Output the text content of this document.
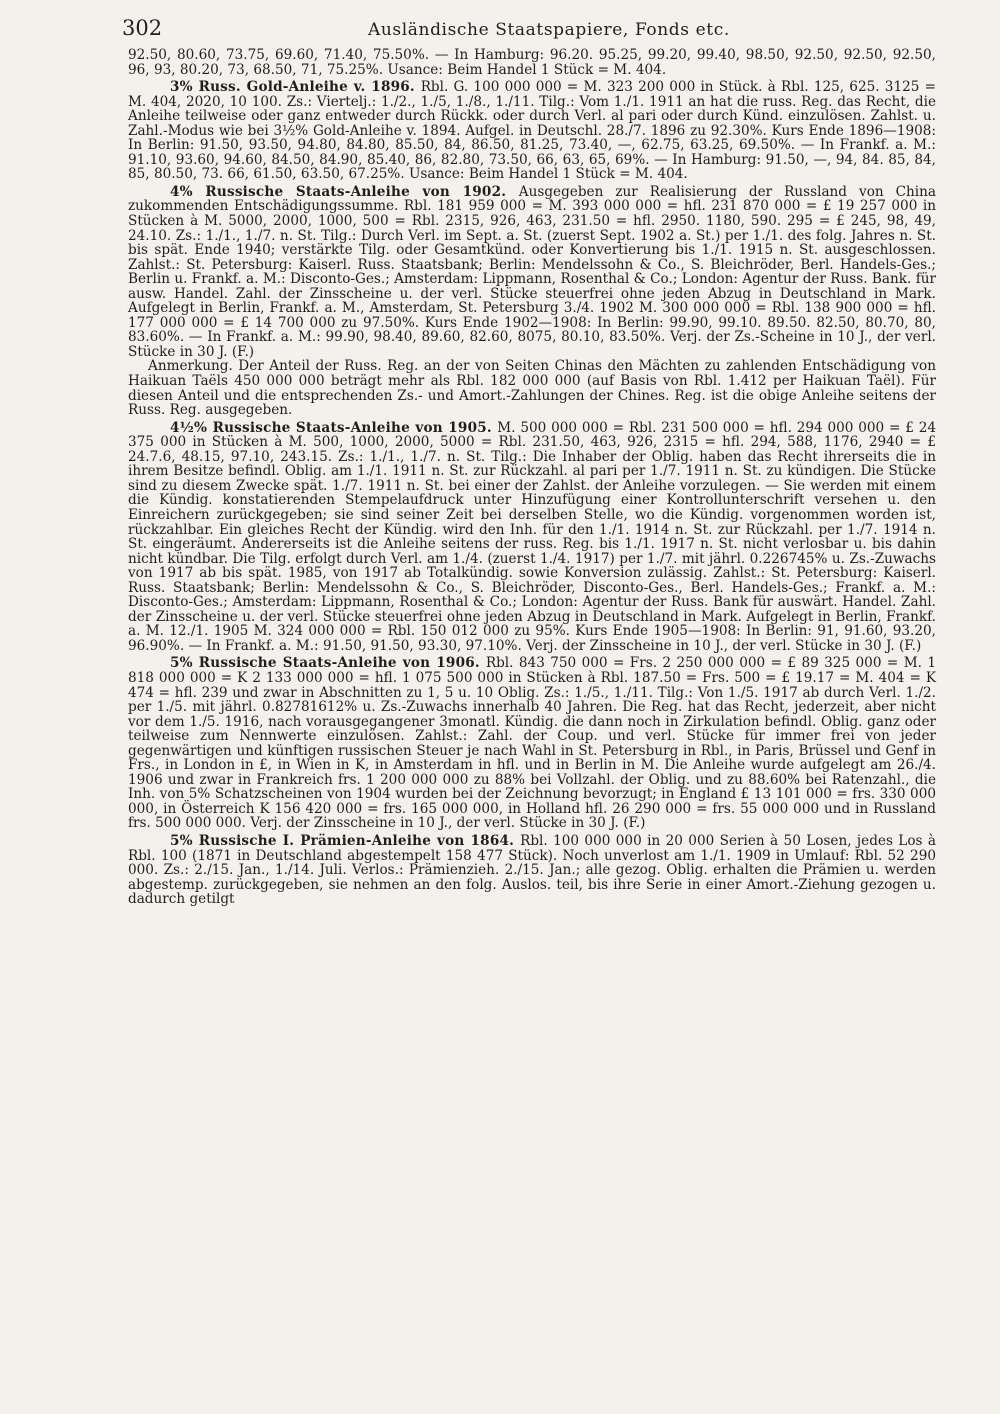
302	Ausländische Staatspapiere, Fonds etc.

92.50, 80.60, 73.75, 69.60, 71.40, 75.50%. — In Hamburg: 96.20. 95.25, 99.20, 99.40, 98.50, 92.50, 92.50, 92.50, 96, 93, 80.20, 73, 68.50, 71, 75.25%. Usance: Beim Handel 1 Stück = M. 404.

3% Russ. Gold-Anleihe v. 1896. Rbl. G. 100 000 000 = M. 323 200 000 in Stück. à Rbl. 125, 625. 3125 = M. 404, 2020, 10 100. Zs.: Viertelj.: 1./2., 1./5, 1./8., 1./11. Tilg.: Vom 1./1. 1911 an hat die russ. Reg. das Recht, die Anleihe teilweise oder ganz entweder durch Rückk. oder durch Verl. al pari oder durch Künd. einzulösen. Zahlst. u. Zahl.-Modus wie bei 3½% Gold-Anleihe v. 1894. Aufgel. in Deutschl. 28./7. 1896 zu 92.30%. Kurs Ende 1896—1908: In Berlin: 91.50, 93.50, 94.80, 84.80, 85.50, 84, 86.50, 81.25, 73.40, —, 62.75, 63.25, 69.50%. — In Frankf. a. M.: 91.10, 93.60, 94.60, 84.50, 84.90, 85.40, 86, 82.80, 73.50, 66, 63, 65, 69%. — In Hamburg: 91.50, —, 94, 84. 85, 84, 85, 80.50, 73. 66, 61.50, 63.50, 67.25%. Usance: Beim Handel 1 Stück = M. 404.

4% Russische Staats-Anleihe von 1902. Ausgegeben zur Realisierung der Russland von China zukommenden Entschädigungssumme. Rbl. 181 959 000 = M. 393 000 000 = hfl. 231 870 000 = £ 19 257 000 in Stücken à M. 5000, 2000, 1000, 500 = Rbl. 2315, 926, 463, 231.50 = hfl. 2950. 1180, 590. 295 = £ 245, 98, 49, 24.10. Zs.: 1./1., 1./7. n. St. Tilg.: Durch Verl. im Sept. a. St. (zuerst Sept. 1902 a. St.) per 1./1. des folg. Jahres n. St. bis spät. Ende 1940; verstärkte Tilg. oder Gesamtkünd. oder Konvertierung bis 1./1. 1915 n. St. ausgeschlossen. Zahlst.: St. Petersburg: Kaiserl. Russ. Staatsbank; Berlin: Mendelssohn & Co., S. Bleichröder, Berl. Handels-Ges.; Berlin u. Frankf. a. M.: Disconto-Ges.; Amsterdam: Lippmann, Rosenthal & Co.; London: Agentur der Russ. Bank. für ausw. Handel. Zahl. der Zinsscheine u. der verl. Stücke steuerfrei ohne jeden Abzug in Deutschland in Mark. Aufgelegt in Berlin, Frankf. a. M., Amsterdam, St. Petersburg 3./4. 1902 M. 300 000 000 = Rbl. 138 900 000 = hfl. 177 000 000 = £ 14 700 000 zu 97.50%. Kurs Ende 1902—1908: In Berlin: 99.90, 99.10. 89.50. 82.50, 80.70, 80, 83.60%. — In Frankf. a. M.: 99.90, 98.40, 89.60, 82.60, 8075, 80.10, 83.50%. Verj. der Zs.-Scheine in 10 J., der verl. Stücke in 30 J. (F.)

Anmerkung. Der Anteil der Russ. Reg. an der von Seiten Chinas den Mächten zu zahlenden Entschädigung von Haikuan Taëls 450 000 000 beträgt mehr als Rbl. 182 000 000 (auf Basis von Rbl. 1.412 per Haikuan Taël). Für diesen Anteil und die entsprechenden Zs.- und Amort.-Zahlungen der Chines. Reg. ist die obige Anleihe seitens der Russ. Reg. ausgegeben.

4½% Russische Staats-Anleihe von 1905. M. 500 000 000 = Rbl. 231 500 000 = hfl. 294 000 000 = £ 24 375 000 in Stücken à M. 500, 1000, 2000, 5000 = Rbl. 231.50, 463, 926, 2315 = hfl. 294, 588, 1176, 2940 = £ 24.7.6, 48.15, 97.10, 243.15. Zs.: 1./1., 1./7. n. St. Tilg.: Die Inhaber der Oblig. haben das Recht ihrerseits die in ihrem Besitze befindl. Oblig. am 1./1. 1911 n. St. zur Rückzahl. al pari per 1./7. 1911 n. St. zu kündigen. Die Stücke sind zu diesem Zwecke spät. 1./7. 1911 n. St. bei einer der Zahlst. der Anleihe vorzulegen. — Sie werden mit einem die Kündig. konstatierenden Stempelaufdruck unter Hinzufügung einer Kontrollunterschrift versehen u. den Einreichern zurückgegeben; sie sind seiner Zeit bei derselben Stelle, wo die Kündig. vorgenommen worden ist, rückzahlbar. Ein gleiches Recht der Kündig. wird den Inh. für den 1./1. 1914 n. St. zur Rückzahl. per 1./7. 1914 n. St. eingeräumt. Andererseits ist die Anleihe seitens der russ. Reg. bis 1./1. 1917 n. St. nicht verlosbar u. bis dahin nicht kündbar. Die Tilg. erfolgt durch Verl. am 1./4. (zuerst 1./4. 1917) per 1./7. mit jährl. 0.226745% u. Zs.-Zuwachs von 1917 ab bis spät. 1985, von 1917 ab Totalkündig. sowie Konversion zulässig. Zahlst.: St. Petersburg: Kaiserl. Russ. Staatsbank; Berlin: Mendelssohn & Co., S. Bleichröder, Disconto-Ges., Berl. Handels-Ges.; Frankf. a. M.: Disconto-Ges.; Amsterdam: Lippmann, Rosenthal & Co.; London: Agentur der Russ. Bank für auswärt. Handel. Zahl. der Zinsscheine u. der verl. Stücke steuerfrei ohne jeden Abzug in Deutschland in Mark. Aufgelegt in Berlin, Frankf. a. M. 12./1. 1905 M. 324 000 000 = Rbl. 150 012 000 zu 95%. Kurs Ende 1905—1908: In Berlin: 91, 91.60, 93.20, 96.90%. — In Frankf. a. M.: 91.50, 91.50, 93.30, 97.10%. Verj. der Zinsscheine in 10 J., der verl. Stücke in 30 J. (F.)

5% Russische Staats-Anleihe von 1906. Rbl. 843 750 000 = Frs. 2 250 000 000 = £ 89 325 000 = M. 1 818 000 000 = K 2 133 000 000 = hfl. 1 075 500 000 in Stücken à Rbl. 187.50 = Frs. 500 = £ 19.17 = M. 404 = K 474 = hfl. 239 und zwar in Abschnitten zu 1, 5 u. 10 Oblig. Zs.: 1./5., 1./11. Tilg.: Von 1./5. 1917 ab durch Verl. 1./2. per 1./5. mit jährl. 0.82781612% u. Zs.-Zuwachs innerhalb 40 Jahren. Die Reg. hat das Recht, jederzeit, aber nicht vor dem 1./5. 1916, nach vorausgegangener 3monatl. Kündig. die dann noch in Zirkulation befindl. Oblig. ganz oder teilweise zum Nennwerte einzulösen. Zahlst.: Zahl. der Coup. und verl. Stücke für immer frei von jeder gegenwärtigen und künftigen russischen Steuer je nach Wahl in St. Petersburg in Rbl., in Paris, Brüssel und Genf in Frs., in London in £, in Wien in K, in Amsterdam in hfl. und in Berlin in M. Die Anleihe wurde aufgelegt am 26./4. 1906 und zwar in Frankreich frs. 1 200 000 000 zu 88% bei Vollzahl. der Oblig. und zu 88.60% bei Ratenzahl., die Inh. von 5% Schatzscheinen von 1904 wurden bei der Zeichnung bevorzugt; in England £ 13 101 000 = frs. 330 000 000, in Österreich K 156 420 000 = frs. 165 000 000, in Holland hfl. 26 290 000 = frs. 55 000 000 und in Russland frs. 500 000 000. Verj. der Zinsscheine in 10 J., der verl. Stücke in 30 J. (F.)

5% Russische I. Prämien-Anleihe von 1864. Rbl. 100 000 000 in 20 000 Serien à 50 Losen, jedes Los à Rbl. 100 (1871 in Deutschland abgestempelt 158 477 Stück). Noch unverlost am 1./1. 1909 in Umlauf: Rbl. 52 290 000. Zs.: 2./15. Jan., 1./14. Juli. Verlos.: Prämienzieh. 2./15. Jan.; alle gezog. Oblig. erhalten die Prämien u. werden abgestemp. zurückgegeben, sie nehmen an den folg. Auslos. teil, bis ihre Serie in einer Amort.-Ziehung gezogen u. dadurch getilgt
